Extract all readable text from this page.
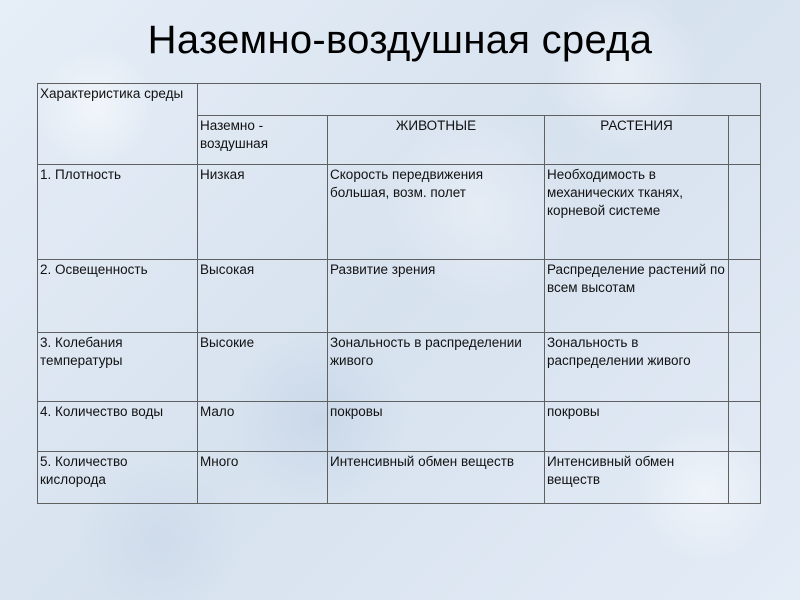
Наземно-воздушная среда
Характеристика среды				
	Наземно - воздушная	ЖИВОТНЫЕ	РАСТЕНИЯ	
1. Плотность	Низкая	Скорость передвижения большая, возм. полет	Необходимость в механических тканях, корневой системе	
2. Освещенность	Высокая	Развитие зрения	Распределение растений по всем высотам	
3. Колебания температуры	Высокие	Зональность в распределении живого	Зональность в распределении живого	
4. Количество воды	Мало	покровы	покровы	
5. Количество кислорода	Много	Интенсивный обмен веществ	Интенсивный обмен веществ	
